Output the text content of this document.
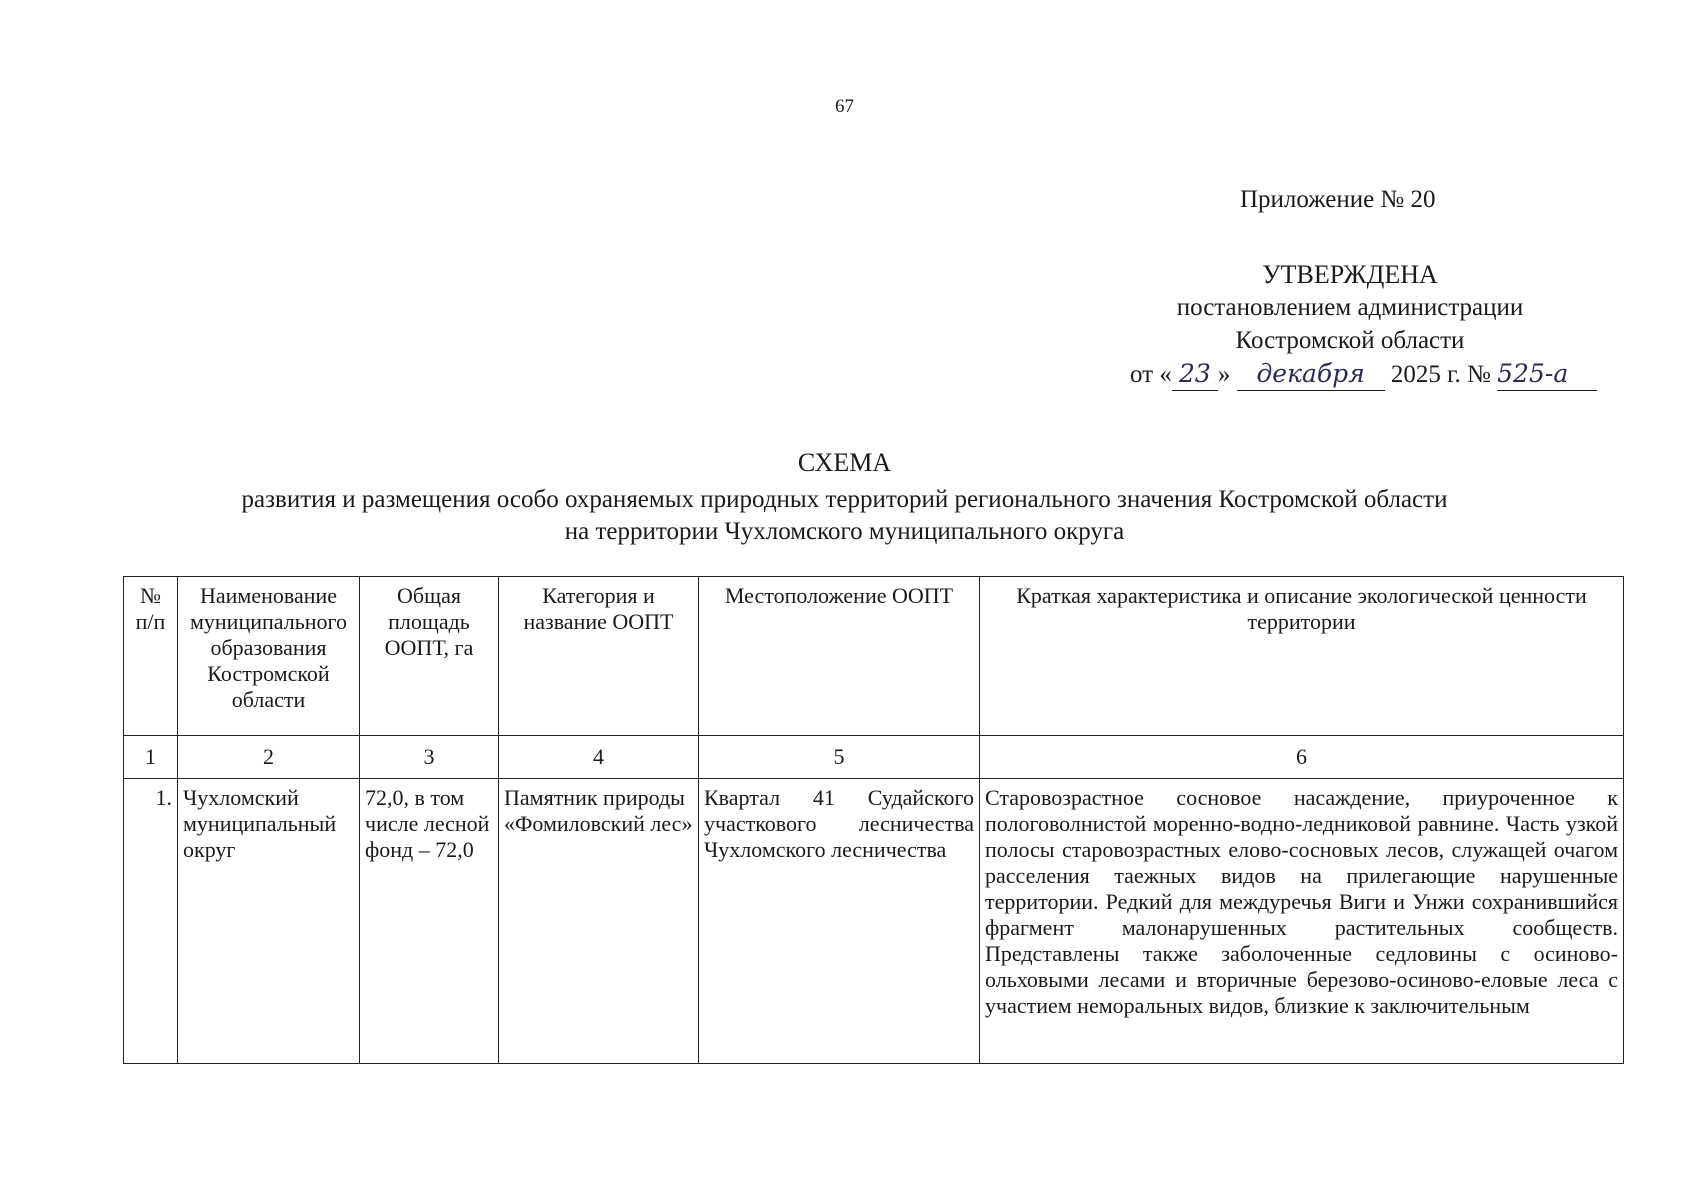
67
Приложение № 20
УТВЕРЖДЕНА
постановлением администрации
Костромской области
от « 23 » декабря 2025 г. № 525-а
СХЕМА
развития и размещения особо охраняемых природных территорий регионального значения Костромской области
на территории Чухломского муниципального округа
№ п/п	Наименование муниципального образования Костромской области	Общая площадь ООПТ, га	Категория и название ООПТ	Местоположение ООПТ	Краткая характеристика и описание экологической ценности территории
1	2	3	4	5	6
1.	Чухломский муниципальный округ	72,0, в том числе лесной фонд – 72,0	Памятник природы «Фомиловский лес»	Квартал 41 Судайского участкового лесничества Чухломского лесничества	Старовозрастное сосновое насаждение, приуроченное к пологоволнистой моренно-водно-ледниковой равнине. Часть узкой полосы старовозрастных елово-сосновых лесов, служащей очагом расселения таежных видов на прилегающие нарушенные территории. Редкий для междуречья Виги и Унжи сохранившийся фрагмент малонарушенных растительных сообществ. Представлены также заболоченные седловины с осиново-ольховыми лесами и вторичные березово-осиново-еловые леса с участием неморальных видов, близкие к заключительным
